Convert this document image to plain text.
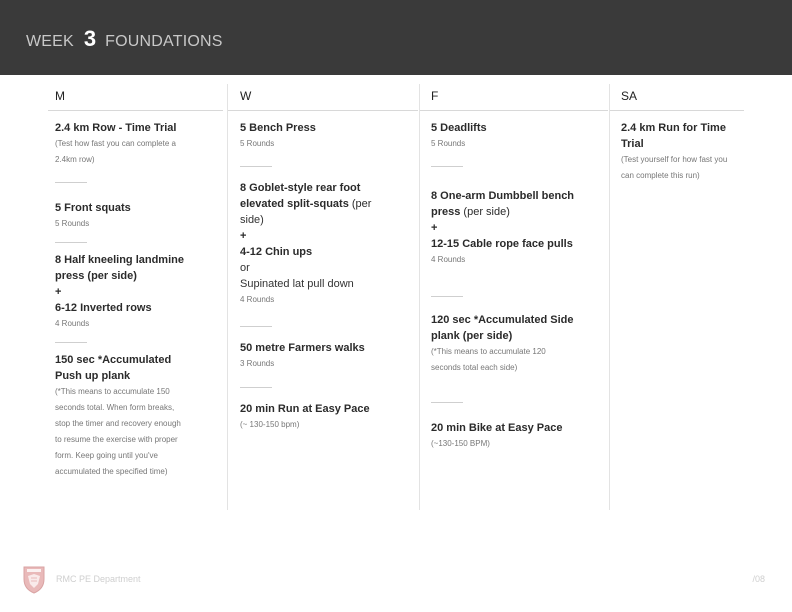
WEEK 3 FOUNDATIONS
M
2.4 km Row - Time Trial
(Test how fast you can complete a
2.4km row)
5 Front squats
5 Rounds
8 Half kneeling landmine
press (per side)
+
6-12 Inverted rows
4 Rounds
150 sec *Accumulated
Push up plank
(*This means to accumulate 150
seconds total. When form breaks,
stop the timer and recovery enough
to resume the exercise with proper
form. Keep going until you've
accumulated the specified time)
W
5 Bench Press
5 Rounds
8 Goblet-style rear foot
elevated split-squats (per
side)
+
4-12 Chin ups
or
Supinated lat pull down
4 Rounds
50 metre Farmers walks
3 Rounds
20 min Run at Easy Pace
(~ 130-150 bpm)
F
5 Deadlifts
5 Rounds
8 One-arm Dumbbell bench
press (per side)
+
12-15 Cable rope face pulls
4 Rounds
120 sec *Accumulated Side
plank (per side)
(*This means to accumulate 120
seconds total each side)
20 min Bike at Easy Pace
(~130-150 BPM)
SA
2.4 km Run for Time
Trial
(Test yourself for how fast you
can complete this run)
RMC PE Department	/08
